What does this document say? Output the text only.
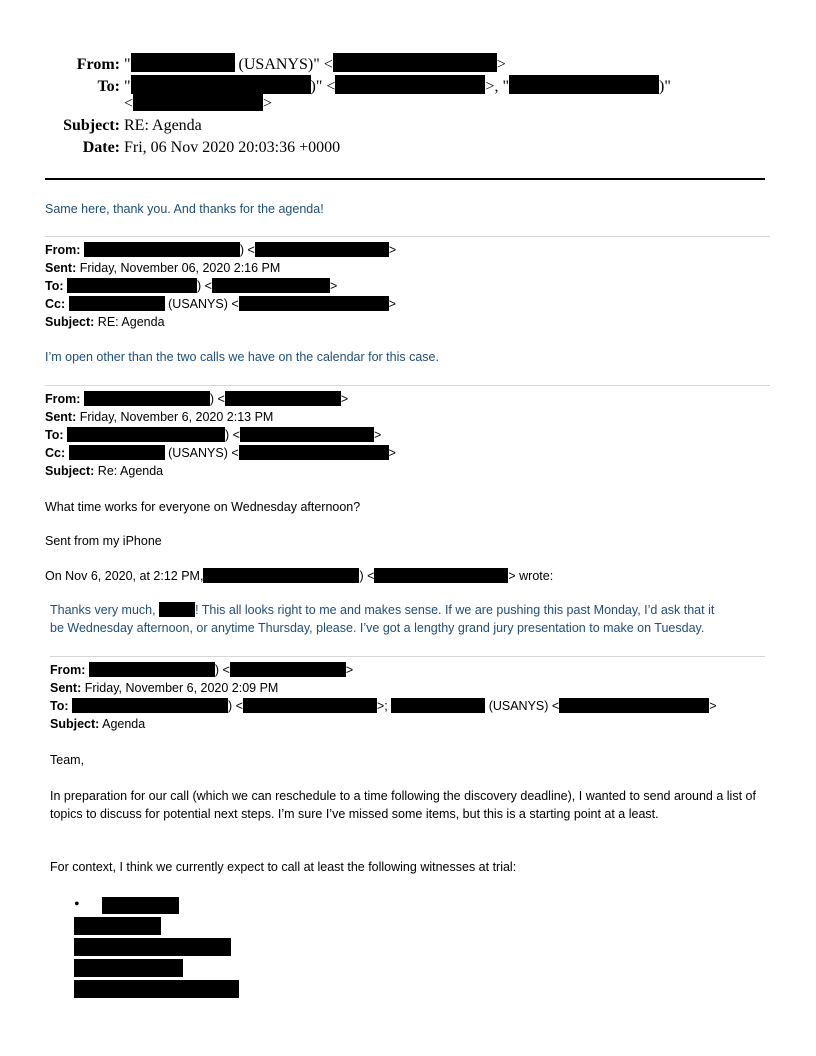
From: "	(USANYS)" <	>
To: "	)" <	>, "	)"
<	>
Subject: RE: Agenda
Date: Fri, 06 Nov 2020 20:03:36 +0000
Same here, thank you. And thanks for the agenda!
From:	) <	>
Sent: Friday, November 06, 2020 2:16 PM
To:	) <	>
Cc:	(USANYS) <	>
Subject: RE: Agenda
I’m open other than the two calls we have on the calendar for this case.
From:	) <	>
Sent: Friday, November 6, 2020 2:13 PM
To:	) <	>
Cc:	(USANYS) <	>
Subject: Re: Agenda
What time works for everyone on Wednesday afternoon?
Sent from my iPhone
On Nov 6, 2020, at 2:12 PM,	) <	> wrote:
Thanks very much,	! This all looks right to me and makes sense. If we are pushing this past Monday, I’d ask that it
be Wednesday afternoon, or anytime Thursday, please. I’ve got a lengthy grand jury presentation to make on Tuesday.
From:	) <	>
Sent: Friday, November 6, 2020 2:09 PM
To:	) <	>;	(USANYS) <	>
Subject: Agenda
Team,
In preparation for our call (which we can reschedule to a time following the discovery deadline), I wanted to send around a list of topics to discuss for potential next steps. I’m sure I’ve missed some items, but this is a starting point at a least.
For context, I think we currently expect to call at least the following witnesses at trial:
•
